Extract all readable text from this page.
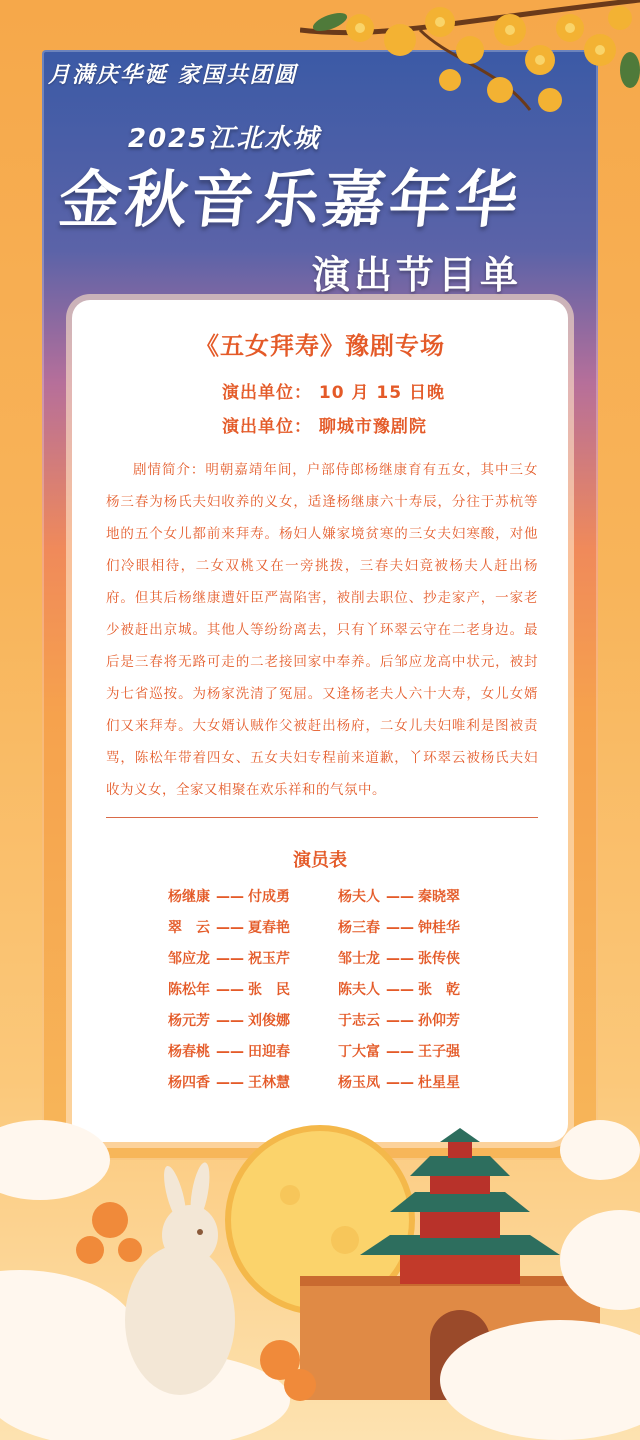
月满庆华诞 家国共团圆
2025江北水城
金秋音乐嘉年华
演出节目单
《五女拜寿》豫剧专场
演出单位： 10 月 15 日晚
演出单位： 聊城市豫剧院
剧情简介：明朝嘉靖年间，户部侍郎杨继康育有五女，其中三女杨三春为杨氏夫妇收养的义女，适逢杨继康六十寿辰，分往于苏杭等地的五个女儿都前来拜寿。杨妇人嫌家境贫寒的三女夫妇寒酸，对他们冷眼相待，二女双桃又在一旁挑拨，三春夫妇竟被杨夫人赶出杨府。但其后杨继康遭奸臣严嵩陷害，被削去职位、抄走家产，一家老少被赶出京城。其他人等纷纷离去，只有丫环翠云守在二老身边。最后是三春将无路可走的二老接回家中奉养。后邹应龙高中状元，被封为七省巡按。为杨家洗清了冤屈。又逢杨老夫人六十大寿，女儿女婿们又来拜寿。大女婿认贼作父被赶出杨府，二女儿夫妇唯利是图被责骂，陈松年带着四女、五女夫妇专程前来道歉，丫环翠云被杨氏夫妇收为义女，全家又相聚在欢乐祥和的气氛中。
演员表
杨继康 —— 付成勇
翠　云 —— 夏春艳
邹应龙 —— 祝玉芹
陈松年 —— 张　民
杨元芳 —— 刘俊娜
杨春桃 —— 田迎春
杨四香 —— 王林慧
杨夫人 —— 秦晓翠
杨三春 —— 钟桂华
邹士龙 —— 张传侠
陈夫人 —— 张　乾
于志云 —— 孙仰芳
丁大富 —— 王子强
杨玉凤 —— 杜星星
